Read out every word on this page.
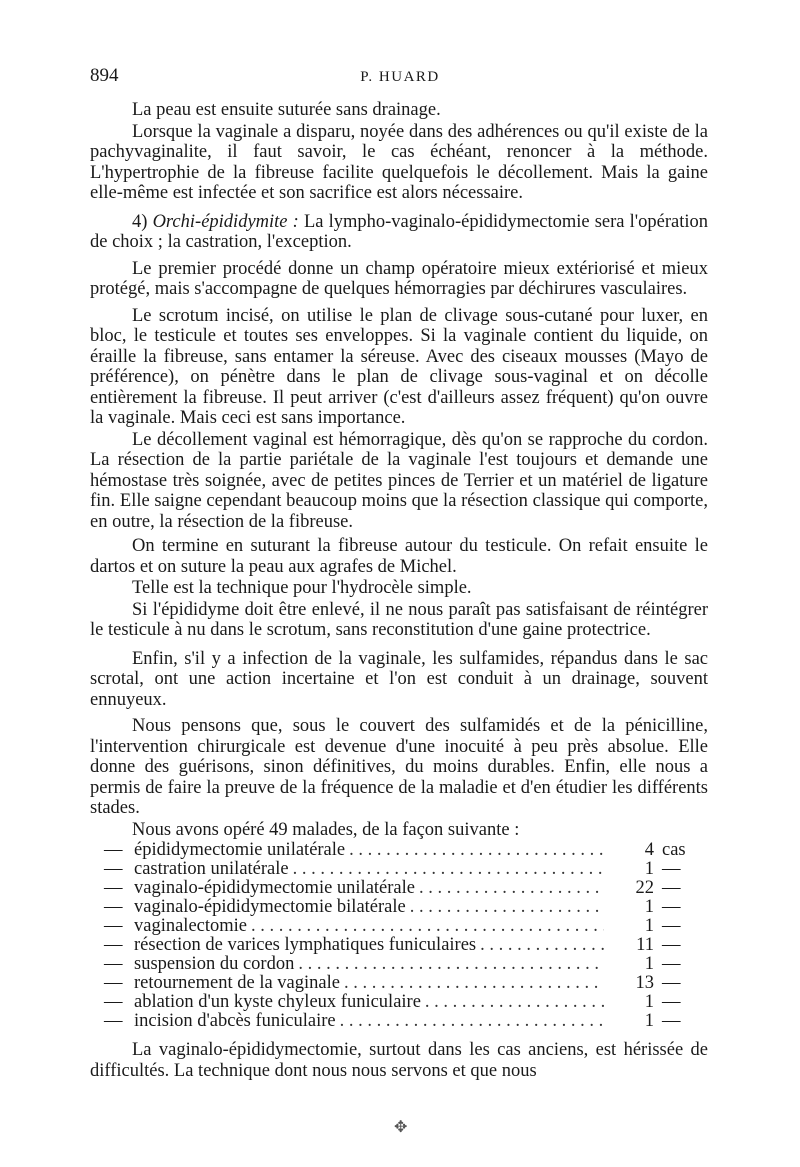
894	P. HUARD

La peau est ensuite suturée sans drainage.

Lorsque la vaginale a disparu, noyée dans des adhérences ou qu'il existe de la pachyvaginalite, il faut savoir, le cas échéant, renoncer à la méthode. L'hypertrophie de la fibreuse facilite quelquefois le décollement. Mais la gaine elle-même est infectée et son sacrifice est alors nécessaire.

4) Orchi-épididymite : La lympho-vaginalo-épididymectomie sera l'opération de choix ; la castration, l'exception.

Le premier procédé donne un champ opératoire mieux extériorisé et mieux protégé, mais s'accompagne de quelques hémorragies par déchirures vasculaires.

Le scrotum incisé, on utilise le plan de clivage sous-cutané pour luxer, en bloc, le testicule et toutes ses enveloppes. Si la vaginale contient du liquide, on éraille la fibreuse, sans entamer la séreuse. Avec des ciseaux mousses (Mayo de préférence), on pénètre dans le plan de clivage sous-vaginal et on décolle entièrement la fibreuse. Il peut arriver (c'est d'ailleurs assez fréquent) qu'on ouvre la vaginale. Mais ceci est sans importance.

Le décollement vaginal est hémorragique, dès qu'on se rapproche du cordon. La résection de la partie pariétale de la vaginale l'est toujours et demande une hémostase très soignée, avec de petites pinces de Terrier et un matériel de ligature fin. Elle saigne cependant beaucoup moins que la résection classique qui comporte, en outre, la résection de la fibreuse.

On termine en suturant la fibreuse autour du testicule. On refait ensuite le dartos et on suture la peau aux agrafes de Michel.

Telle est la technique pour l'hydrocèle simple.

Si l'épididyme doit être enlevé, il ne nous paraît pas satisfaisant de réintégrer le testicule à nu dans le scrotum, sans reconstitution d'une gaine protectrice.

Enfin, s'il y a infection de la vaginale, les sulfamides, répandus dans le sac scrotal, ont une action incertaine et l'on est conduit à un drainage, souvent ennuyeux.

Nous pensons que, sous le couvert des sulfamidés et de la pénicilline, l'intervention chirurgicale est devenue d'une inocuité à peu près absolue. Elle donne des guérisons, sinon définitives, du moins durables. Enfin, elle nous a permis de faire la preuve de la fréquence de la maladie et d'en étudier les différents stades.

Nous avons opéré 49 malades, de la façon suivante :

— épididymectomie unilatérale . . .	4 cas
— castration unilatérale . . .	1 —
— vaginalo-épididymectomie unilatérale . . .	22 —
— vaginalo-épididymectomie bilatérale . . .	1 —
— vaginalectomie . . .	1 —
— résection de varices lymphatiques funiculaires . . .	11 —
— suspension du cordon . . .	1 —
— retournement de la vaginale . . .	13 —
— ablation d'un kyste chyleux funiculaire . . .	1 —
— incision d'abcès funiculaire . . .	1 —

La vaginalo-épididymectomie, surtout dans les cas anciens, est hérissée de difficultés. La technique dont nous nous servons et que nous

✥
